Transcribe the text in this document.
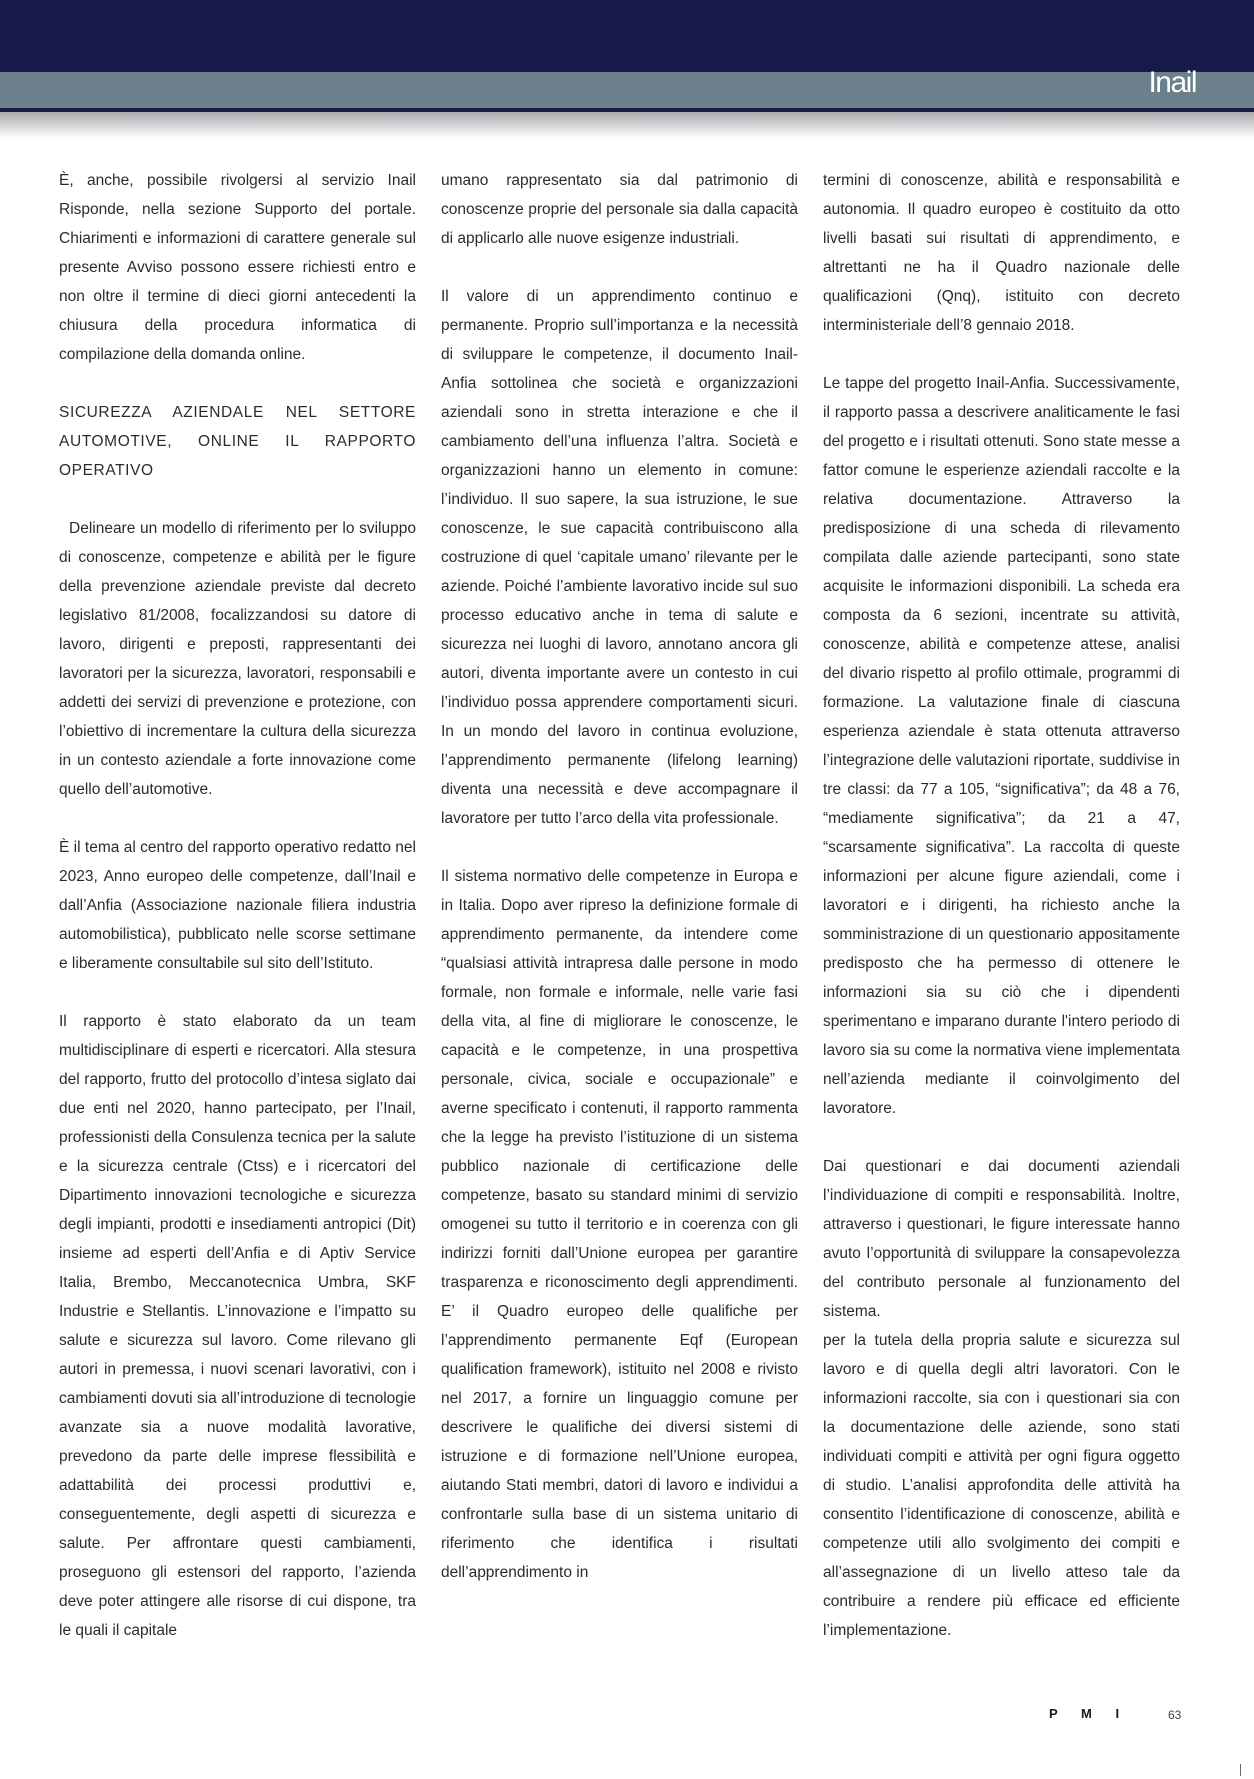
Inail

È, anche, possibile rivolgersi al servizio Inail Risponde, nella sezione Supporto del portale. Chiarimenti e informazioni di carattere generale sul presente Avviso possono essere richiesti entro e non oltre il termine di dieci giorni antecedenti la chiusura della procedura informatica di compilazione della domanda online.

SICUREZZA AZIENDALE NEL SETTORE AUTOMOTIVE, ONLINE IL RAPPORTO OPERATIVO

Delineare un modello di riferimento per lo sviluppo di conoscenze, competenze e abilità per le figure della prevenzione aziendale previste dal decreto legislativo 81/2008, focalizzandosi su datore di lavoro, dirigenti e preposti, rappresentanti dei lavoratori per la sicurezza, lavoratori, responsabili e addetti dei servizi di prevenzione e protezione, con l’obiettivo di incrementare la cultura della sicurezza in un contesto aziendale a forte innovazione come quello dell’automotive.

È il tema al centro del rapporto operativo redatto nel 2023, Anno europeo delle competenze, dall’Inail e dall’Anfia (Associazione nazionale filiera industria automobilistica), pubblicato nelle scorse settimane e liberamente consultabile sul sito dell’Istituto.

Il rapporto è stato elaborato da un team multidisciplinare di esperti e ricercatori. Alla stesura del rapporto, frutto del protocollo d’intesa siglato dai due enti nel 2020, hanno partecipato, per l’Inail, professionisti della Consulenza tecnica per la salute e la sicurezza centrale (Ctss) e i ricercatori del Dipartimento innovazioni tecnologiche e sicurezza degli impianti, prodotti e insediamenti antropici (Dit) insieme ad esperti dell’Anfia e di Aptiv Service Italia, Brembo, Meccanotecnica Umbra, SKF Industrie e Stellantis. L’innovazione e l’impatto su salute e sicurezza sul lavoro. Come rilevano gli autori in premessa, i nuovi scenari lavorativi, con i cambiamenti dovuti sia all’introduzione di tecnologie avanzate sia a nuove modalità lavorative, prevedono da parte delle imprese flessibilità e adattabilità dei processi produttivi e, conseguentemente, degli aspetti di sicurezza e salute. Per affrontare questi cambiamenti, proseguono gli estensori del rapporto, l’azienda deve poter attingere alle risorse di cui dispone, tra le quali il capitale

umano rappresentato sia dal patrimonio di conoscenze proprie del personale sia dalla capacità di applicarlo alle nuove esigenze industriali.

Il valore di un apprendimento continuo e permanente. Proprio sull’importanza e la necessità di sviluppare le competenze, il documento Inail-Anfia sottolinea che società e organizzazioni aziendali sono in stretta interazione e che il cambiamento dell’una influenza l’altra. Società e organizzazioni hanno un elemento in comune: l’individuo. Il suo sapere, la sua istruzione, le sue conoscenze, le sue capacità contribuiscono alla costruzione di quel ‘capitale umano’ rilevante per le aziende. Poiché l’ambiente lavorativo incide sul suo processo educativo anche in tema di salute e sicurezza nei luoghi di lavoro, annotano ancora gli autori, diventa importante avere un contesto in cui l’individuo possa apprendere comportamenti sicuri. In un mondo del lavoro in continua evoluzione, l’apprendimento permanente (lifelong learning) diventa una necessità e deve accompagnare il lavoratore per tutto l’arco della vita professionale.

Il sistema normativo delle competenze in Europa e in Italia. Dopo aver ripreso la definizione formale di apprendimento permanente, da intendere come “qualsiasi attività intrapresa dalle persone in modo formale, non formale e informale, nelle varie fasi della vita, al fine di migliorare le conoscenze, le capacità e le competenze, in una prospettiva personale, civica, sociale e occupazionale” e averne specificato i contenuti, il rapporto rammenta che la legge ha previsto l’istituzione di un sistema pubblico nazionale di certificazione delle competenze, basato su standard minimi di servizio omogenei su tutto il territorio e in coerenza con gli indirizzi forniti dall’Unione europea per garantire trasparenza e riconoscimento degli apprendimenti. E’ il Quadro europeo delle qualifiche per l’apprendimento permanente Eqf (European qualification framework), istituito nel 2008 e rivisto nel 2017, a fornire un linguaggio comune per descrivere le qualifiche dei diversi sistemi di istruzione e di formazione nell’Unione europea, aiutando Stati membri, datori di lavoro e individui a confrontarle sulla base di un sistema unitario di riferimento che identifica i risultati dell’apprendimento in

termini di conoscenze, abilità e responsabilità e autonomia. Il quadro europeo è costituito da otto livelli basati sui risultati di apprendimento, e altrettanti ne ha il Quadro nazionale delle qualificazioni (Qnq), istituito con decreto interministeriale dell’8 gennaio 2018.

Le tappe del progetto Inail-Anfia. Successivamente, il rapporto passa a descrivere analiticamente le fasi del progetto e i risultati ottenuti. Sono state messe a fattor comune le esperienze aziendali raccolte e la relativa documentazione. Attraverso la predisposizione di una scheda di rilevamento compilata dalle aziende partecipanti, sono state acquisite le informazioni disponibili. La scheda era composta da 6 sezioni, incentrate su attività, conoscenze, abilità e competenze attese, analisi del divario rispetto al profilo ottimale, programmi di formazione. La valutazione finale di ciascuna esperienza aziendale è stata ottenuta attraverso l’integrazione delle valutazioni riportate, suddivise in tre classi: da 77 a 105, “significativa”; da 48 a 76, “mediamente significativa”; da 21 a 47, “scarsamente significativa”. La raccolta di queste informazioni per alcune figure aziendali, come i lavoratori e i dirigenti, ha richiesto anche la somministrazione di un questionario appositamente predisposto che ha permesso di ottenere le informazioni sia su ciò che i dipendenti sperimentano e imparano durante l'intero periodo di lavoro sia su come la normativa viene implementata nell’azienda mediante il coinvolgimento del lavoratore.

Dai questionari e dai documenti aziendali l’individuazione di compiti e responsabilità. Inoltre, attraverso i questionari, le figure interessate hanno avuto l’opportunità di sviluppare la consapevolezza del contributo personale al funzionamento del sistema.
per la tutela della propria salute e sicurezza sul lavoro e di quella degli altri lavoratori. Con le informazioni raccolte, sia con i questionari sia con la documentazione delle aziende, sono stati individuati compiti e attività per ogni figura oggetto di studio. L’analisi approfondita delle attività ha consentito l’identificazione di conoscenze, abilità e competenze utili allo svolgimento dei compiti e all’assegnazione di un livello atteso tale da contribuire a rendere più efficace ed efficiente l’implementazione.

P M I	63
